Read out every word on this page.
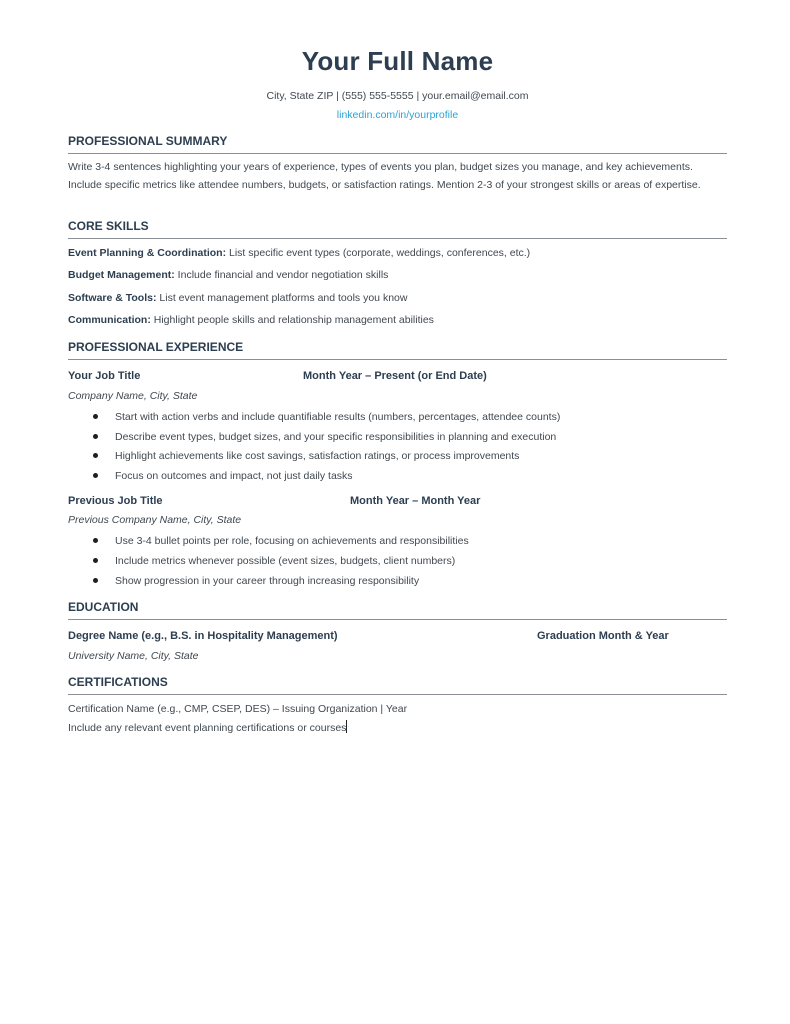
Your Full Name
City, State ZIP | (555) 555-5555 | your.email@email.com
linkedin.com/in/yourprofile
PROFESSIONAL SUMMARY
Write 3-4 sentences highlighting your years of experience, types of events you plan, budget sizes you manage, and key achievements. Include specific metrics like attendee numbers, budgets, or satisfaction ratings. Mention 2-3 of your strongest skills or areas of expertise.
CORE SKILLS
Event Planning & Coordination: List specific event types (corporate, weddings, conferences, etc.)
Budget Management: Include financial and vendor negotiation skills
Software & Tools: List event management platforms and tools you know
Communication: Highlight people skills and relationship management abilities
PROFESSIONAL EXPERIENCE
Your Job Title	Month Year – Present (or End Date)
Company Name, City, State
Start with action verbs and include quantifiable results (numbers, percentages, attendee counts)
Describe event types, budget sizes, and your specific responsibilities in planning and execution
Highlight achievements like cost savings, satisfaction ratings, or process improvements
Focus on outcomes and impact, not just daily tasks
Previous Job Title	Month Year – Month Year
Previous Company Name, City, State
Use 3-4 bullet points per role, focusing on achievements and responsibilities
Include metrics whenever possible (event sizes, budgets, client numbers)
Show progression in your career through increasing responsibility
EDUCATION
Degree Name (e.g., B.S. in Hospitality Management)	Graduation Month & Year
University Name, City, State
CERTIFICATIONS
Certification Name (e.g., CMP, CSEP, DES) – Issuing Organization | Year
Include any relevant event planning certifications or courses
